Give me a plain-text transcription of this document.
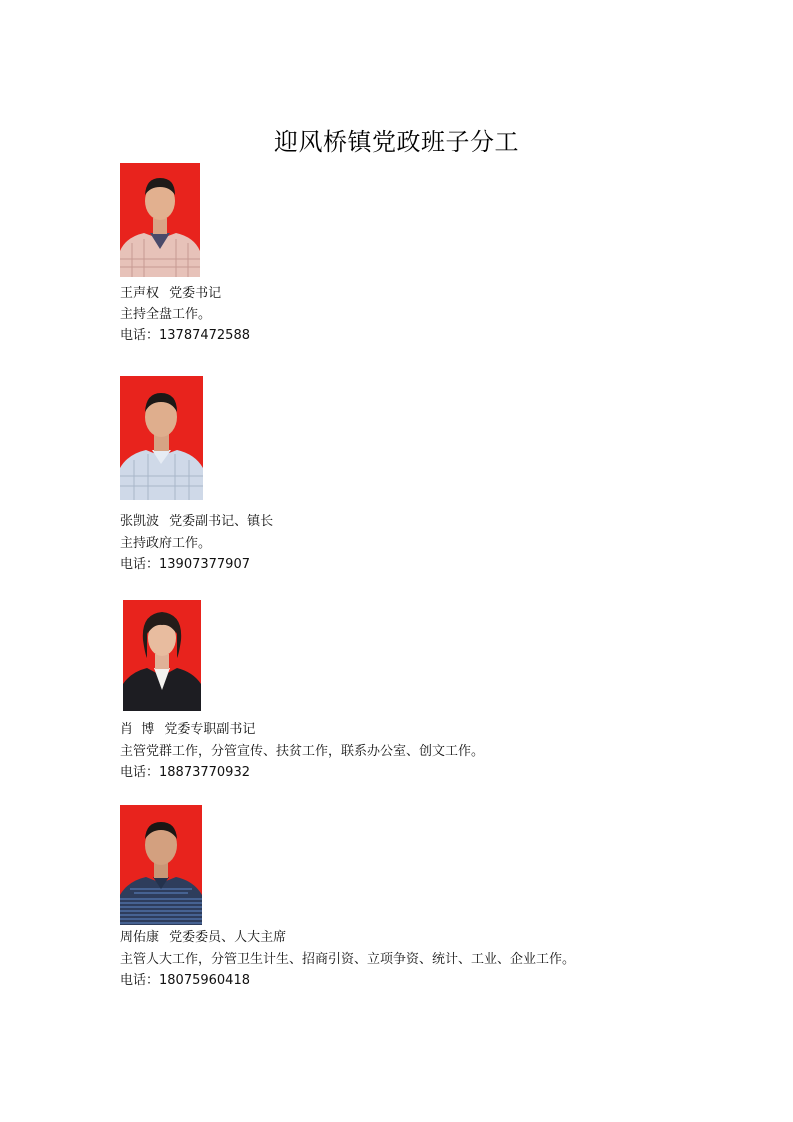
迎风桥镇党政班子分工
王声权 党委书记
主持全盘工作。
电话：13787472588
张凯波 党委副书记、镇长
主持政府工作。
电话：13907377907
肖  博 党委专职副书记
主管党群工作，分管宣传、扶贫工作，联系办公室、创文工作。
电话：18873770932
周佑康 党委委员、人大主席
主管人大工作，分管卫生计生、招商引资、立项争资、统计、工业、企业工作。
电话：18075960418
